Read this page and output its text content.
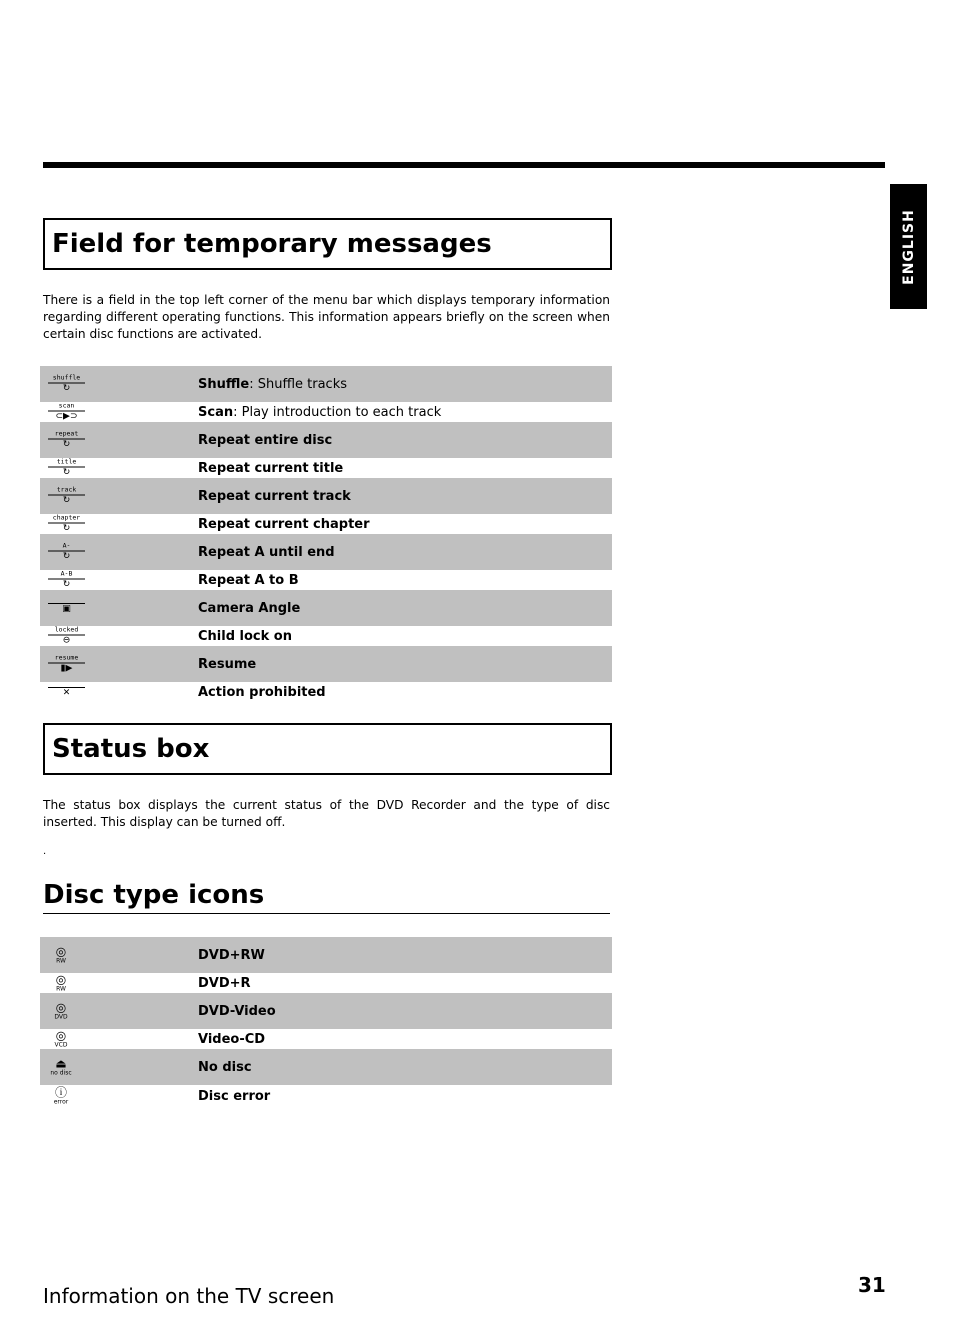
ENGLISH
Field for temporary messages

There is a field in the top left corner of the menu bar which displays temporary information regarding different operating functions. This information appears briefly on the screen when certain disc functions are activated.

shuffle
↻	Shuffle: Shuffle tracks
scan
⊂▶⊃	Scan: Play introduction to each track
repeat
↻	Repeat entire disc
title
↻	Repeat current title
track
↻	Repeat current track
chapter
↻	Repeat current chapter
A-
↻	Repeat A until end
A-B
↻	Repeat A to B
▣	Camera Angle
locked
⊖	Child lock on
resume
▮▶	Resume
✕	Action prohibited
Status box

The status box displays the current status of the DVD Recorder and the type of disc inserted. This display can be turned off.

.
Disc type icons
◎
RW	DVD+RW
◎
RW	DVD+R
◎
DVD	DVD-Video
◎
VCD	Video-CD
⏏
no disc	No disc
ⓘ
error	Disc error
Information on the TV screen	31
